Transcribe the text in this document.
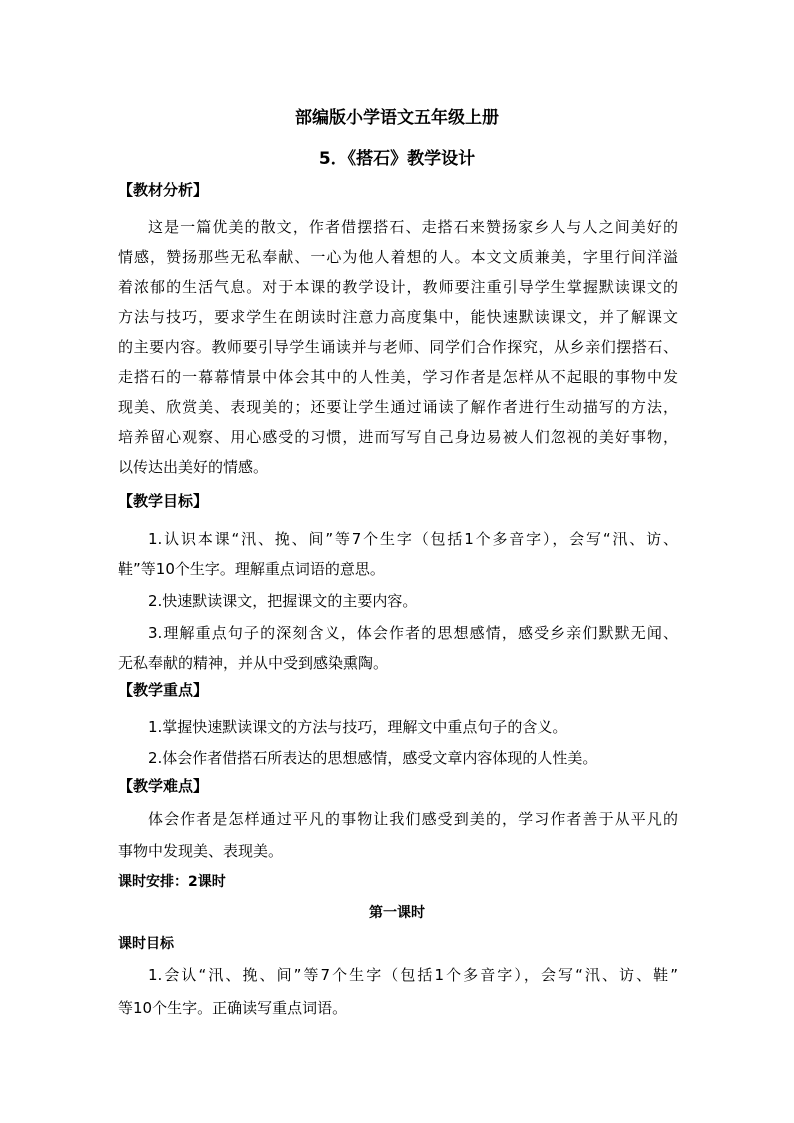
部编版小学语文五年级上册
5．《搭石》教学设计
【教材分析】
这是一篇优美的散文，作者借摆搭石、走搭石来赞扬家乡人与人之间美好的
情感，赞扬那些无私奉献、一心为他人着想的人。本文文质兼美，字里行间洋溢
着浓郁的生活气息。对于本课的教学设计，教师要注重引导学生掌握默读课文的
方法与技巧，要求学生在朗读时注意力高度集中，能快速默读课文，并了解课文
的主要内容。教师要引导学生诵读并与老师、同学们合作探究，从乡亲们摆搭石、
走搭石的一幕幕情景中体会其中的人性美，学习作者是怎样从不起眼的事物中发
现美、欣赏美、表现美的；还要让学生通过诵读了解作者进行生动描写的方法，
培养留心观察、用心感受的习惯，进而写写自己身边易被人们忽视的美好事物，
以传达出美好的情感。
【教学目标】
1.认识本课“汛、挽、间”等7个生字（包括1个多音字），会写“汛、访、
鞋”等10个生字。理解重点词语的意思。
2.快速默读课文，把握课文的主要内容。
3.理解重点句子的深刻含义，体会作者的思想感情，感受乡亲们默默无闻、
无私奉献的精神，并从中受到感染熏陶。
【教学重点】
1.掌握快速默读课文的方法与技巧，理解文中重点句子的含义。
2.体会作者借搭石所表达的思想感情，感受文章内容体现的人性美。
【教学难点】
体会作者是怎样通过平凡的事物让我们感受到美的，学习作者善于从平凡的
事物中发现美、表现美。
课时安排：2课时
第一课时
课时目标
1.会认“汛、挽、间”等7个生字（包括1个多音字），会写“汛、访、鞋”
等10个生字。正确读写重点词语。
